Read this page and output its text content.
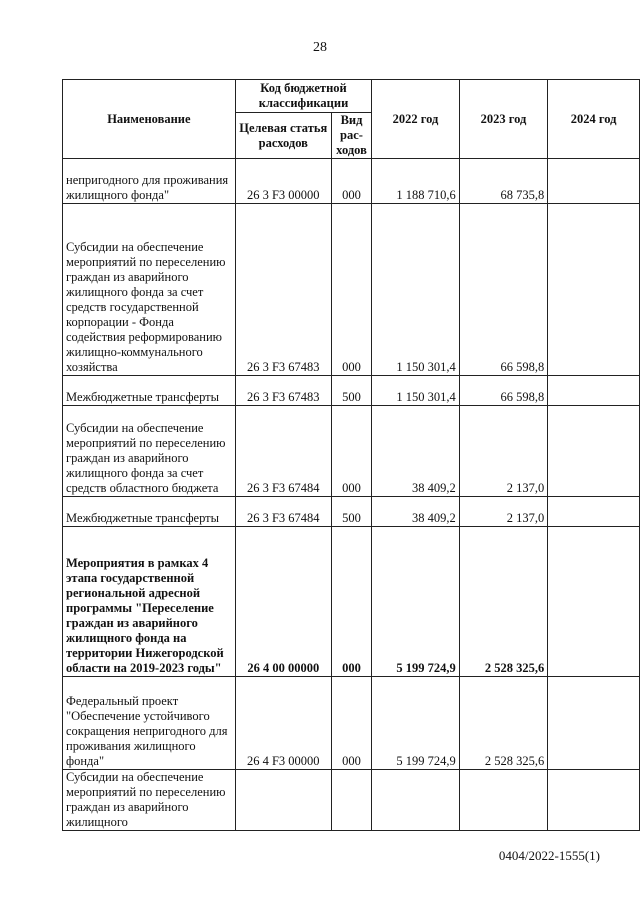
28
Наименование	Код бюджетной классификации		2022 год	2023 год	2024 год
	Целевая статья расходов	Вид рас-ходов			
непригодного для проживания жилищного фонда"	26 3 F3 00000	000	1 188 710,6	68 735,8	
Субсидии на обеспечение мероприятий по переселению граждан из аварийного жилищного фонда за счет средств государственной корпорации - Фонда содействия реформированию жилищно-коммунального хозяйства	26 3 F3 67483	000	1 150 301,4	66 598,8	
Межбюджетные трансферты	26 3 F3 67483	500	1 150 301,4	66 598,8	
Субсидии на обеспечение мероприятий по переселению граждан из аварийного жилищного фонда за счет средств областного бюджета	26 3 F3 67484	000	38 409,2	2 137,0	
Межбюджетные трансферты	26 3 F3 67484	500	38 409,2	2 137,0	
Мероприятия в рамках 4 этапа государственной региональной адресной программы "Переселение граждан из аварийного жилищного фонда на территории Нижегородской области на 2019-2023 годы"	26 4 00 00000	000	5 199 724,9	2 528 325,6	
Федеральный проект "Обеспечение устойчивого сокращения непригодного для проживания жилищного фонда"	26 4 F3 00000	000	5 199 724,9	2 528 325,6	
Субсидии на обеспечение мероприятий по переселению граждан из аварийного жилищного					
0404/2022-1555(1)
